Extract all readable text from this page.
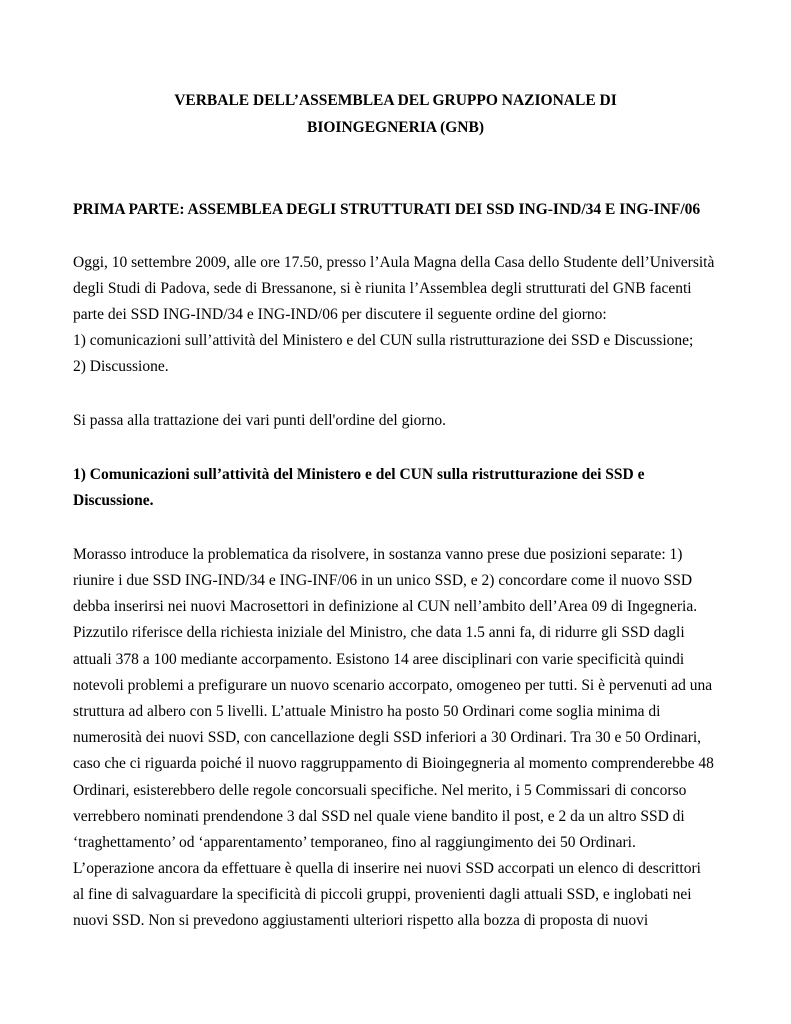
VERBALE DELL’ASSEMBLEA DEL GRUPPO NAZIONALE DI
BIOINGEGNERIA (GNB)
PRIMA PARTE: ASSEMBLEA DEGLI STRUTTURATI DEI SSD ING-IND/34 E ING-INF/06
Oggi, 10 settembre 2009, alle ore 17.50, presso l’Aula Magna della Casa dello Studente dell’Università
degli Studi di Padova, sede di Bressanone, si è riunita l’Assemblea degli strutturati del GNB facenti
parte dei SSD ING-IND/34 e ING-IND/06 per discutere il seguente ordine del giorno:
1) comunicazioni sull’attività del Ministero e del CUN sulla ristrutturazione dei SSD e Discussione;
2) Discussione.
Si passa alla trattazione dei vari punti dell'ordine del giorno.
1) Comunicazioni sull’attività del Ministero e del CUN sulla ristrutturazione dei SSD e
Discussione.
Morasso introduce la problematica da risolvere, in sostanza vanno prese due posizioni separate: 1)
riunire i due SSD ING-IND/34 e ING-INF/06 in un unico SSD, e 2) concordare come il nuovo SSD
debba inserirsi nei nuovi Macrosettori in definizione al CUN nell’ambito dell’Area 09 di Ingegneria.
Pizzutilo riferisce della richiesta iniziale del Ministro, che data 1.5 anni fa, di ridurre gli SSD dagli
attuali 378 a 100 mediante accorpamento. Esistono 14 aree disciplinari con varie specificità quindi
notevoli problemi a prefigurare un nuovo scenario accorpato, omogeneo per tutti. Si è pervenuti ad una
struttura ad albero con 5 livelli. L’attuale Ministro ha posto 50 Ordinari come soglia minima di
numerosità dei nuovi SSD, con cancellazione degli SSD inferiori a 30 Ordinari. Tra 30 e 50 Ordinari,
caso che ci riguarda poiché il nuovo raggruppamento di Bioingegneria al momento comprenderebbe 48
Ordinari, esisterebbero delle regole concorsuali specifiche. Nel merito, i 5 Commissari di concorso
verrebbero nominati prendendone 3 dal SSD nel quale viene bandito il post, e 2 da un altro SSD di
‘traghettamento’ od ‘apparentamento’ temporaneo, fino al raggiungimento dei 50 Ordinari.
L’operazione ancora da effettuare è quella di inserire nei nuovi SSD accorpati un elenco di descrittori
al fine di salvaguardare la specificità di piccoli gruppi, provenienti dagli attuali SSD, e inglobati nei
nuovi SSD. Non si prevedono aggiustamenti ulteriori rispetto alla bozza di proposta di nuovi
